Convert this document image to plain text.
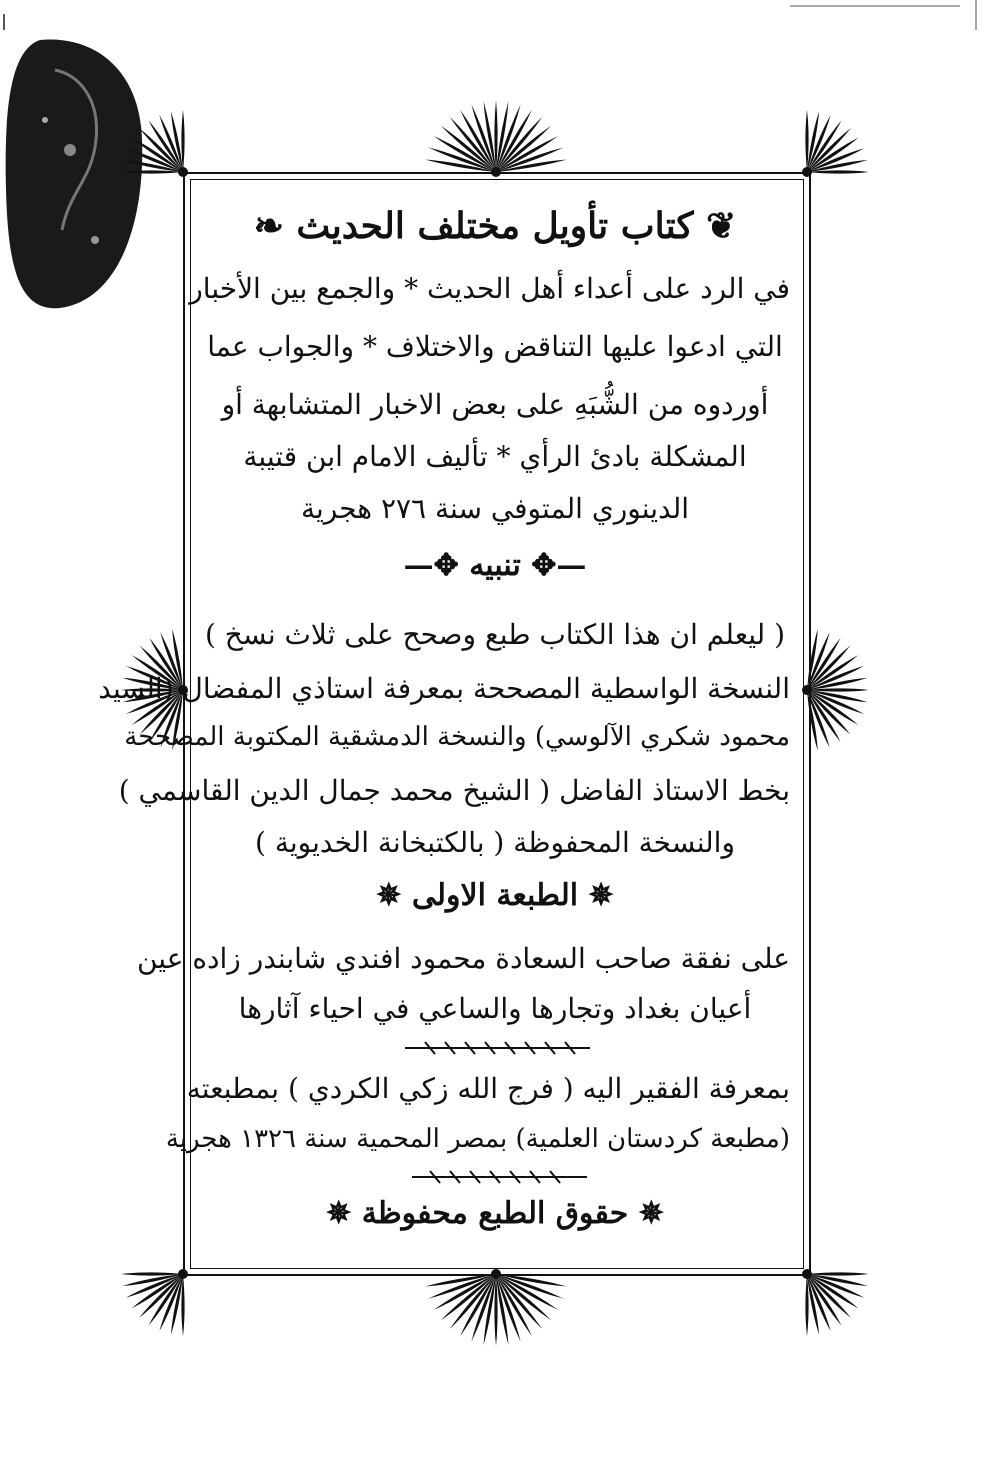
❦ كتاب تأويل مختلف الحديث ❧
في الرد على أعداء أهل الحديث * والجمع بين الأخبار
التي ادعوا عليها التناقض والاختلاف * والجواب عما
أوردوه من الشُّبَهِ على بعض الاخبار المتشابهة أو
المشكلة بادئ الرأي * تأليف الامام ابن قتيبة
الدينوري المتوفي سنة ٢٧٦ هجرية
—✥ تنبيه ✥—
( ليعلم ان هذا الكتاب طبع وصحح على ثلاث نسخ )
النسخة الواسطية المصححة بمعرفة استاذي المفضال (السيد
محمود شكري الآلوسي) والنسخة الدمشقية المكتوبة المصححة
بخط الاستاذ الفاضل ( الشيخ محمد جمال الدين القاسمي )
والنسخة المحفوظة ( بالكتبخانة الخديوية )
✵ الطبعة الاولى ✵
على نفقة صاحب السعادة محمود افندي شابندر زاده عين
أعيان بغداد وتجارها والساعي في احياء آثارها
بمعرفة الفقير اليه ( فرج الله زكي الكردي ) بمطبعته
(مطبعة كردستان العلمية) بمصر المحمية سنة ١٣٢٦ هجرية
✵ حقوق الطبع محفوظة ✵
